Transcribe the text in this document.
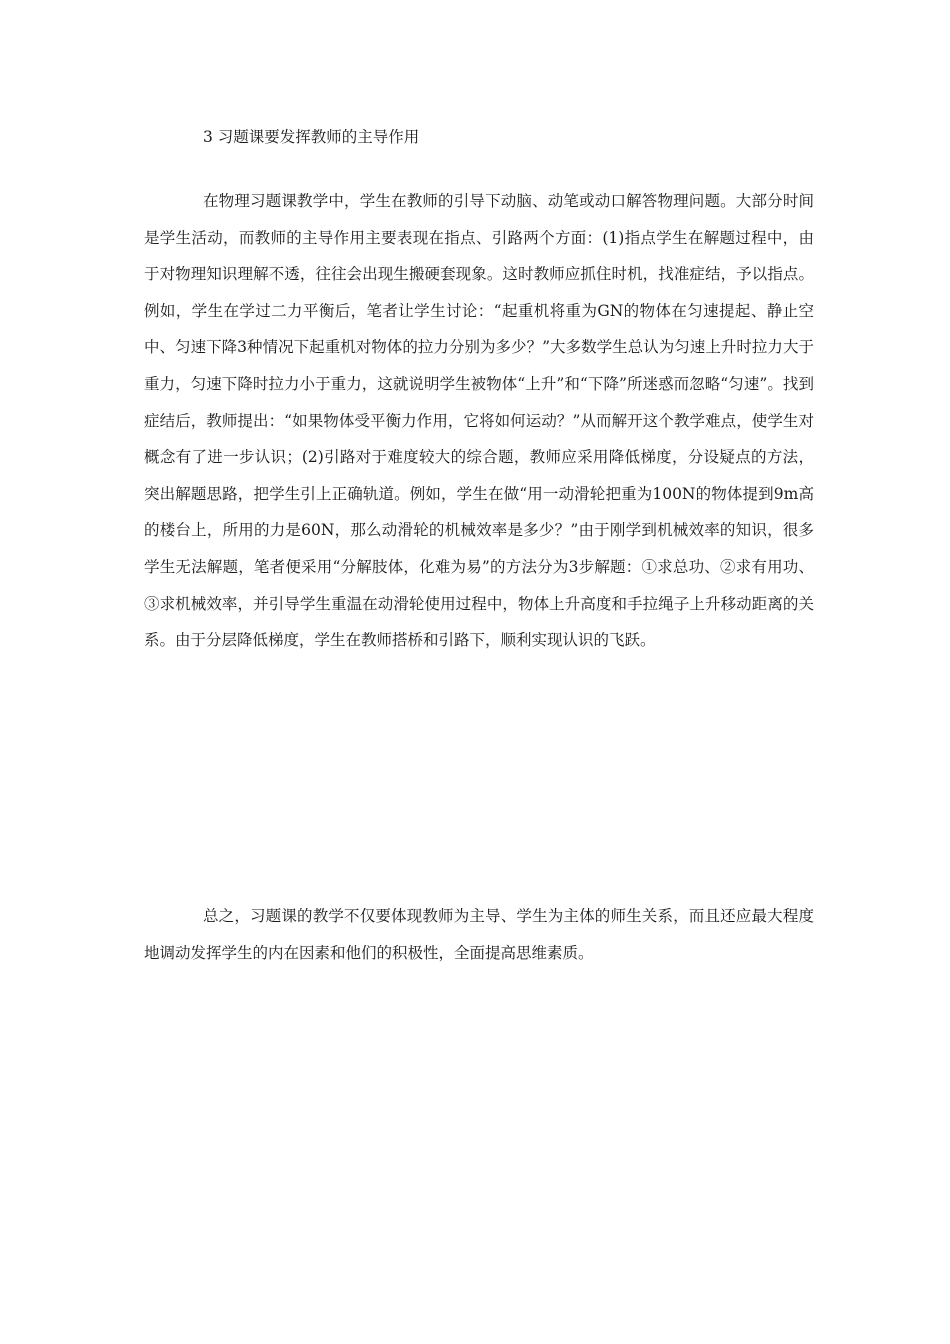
3 习题课要发挥教师的主导作用

在物理习题课教学中，学生在教师的引导下动脑、动笔或动口解答物理问题。大部分时间是学生活动，而教师的主导作用主要表现在指点、引路两个方面：(1)指点学生在解题过程中，由于对物理知识理解不透，往往会出现生搬硬套现象。这时教师应抓住时机，找准症结，予以指点。例如，学生在学过二力平衡后，笔者让学生讨论：“起重机将重为GN的物体在匀速提起、静止空中、匀速下降3种情况下起重机对物体的拉力分别为多少？”大多数学生总认为匀速上升时拉力大于重力，匀速下降时拉力小于重力，这就说明学生被物体“上升”和“下降”所迷惑而忽略“匀速”。找到症结后，教师提出：“如果物体受平衡力作用，它将如何运动？”从而解开这个教学难点，使学生对概念有了进一步认识；(2)引路对于难度较大的综合题，教师应采用降低梯度，分设疑点的方法，突出解题思路，把学生引上正确轨道。例如，学生在做“用一动滑轮把重为100N的物体提到9m高的楼台上，所用的力是60N，那么动滑轮的机械效率是多少？”由于刚学到机械效率的知识，很多学生无法解题，笔者便采用“分解肢体，化难为易”的方法分为3步解题：①求总功、②求有用功、③求机械效率，并引导学生重温在动滑轮使用过程中，物体上升高度和手拉绳子上升移动距离的关系。由于分层降低梯度，学生在教师搭桥和引路下，顺利实现认识的飞跃。

总之，习题课的教学不仅要体现教师为主导、学生为主体的师生关系，而且还应最大程度地调动发挥学生的内在因素和他们的积极性，全面提高思维素质。
